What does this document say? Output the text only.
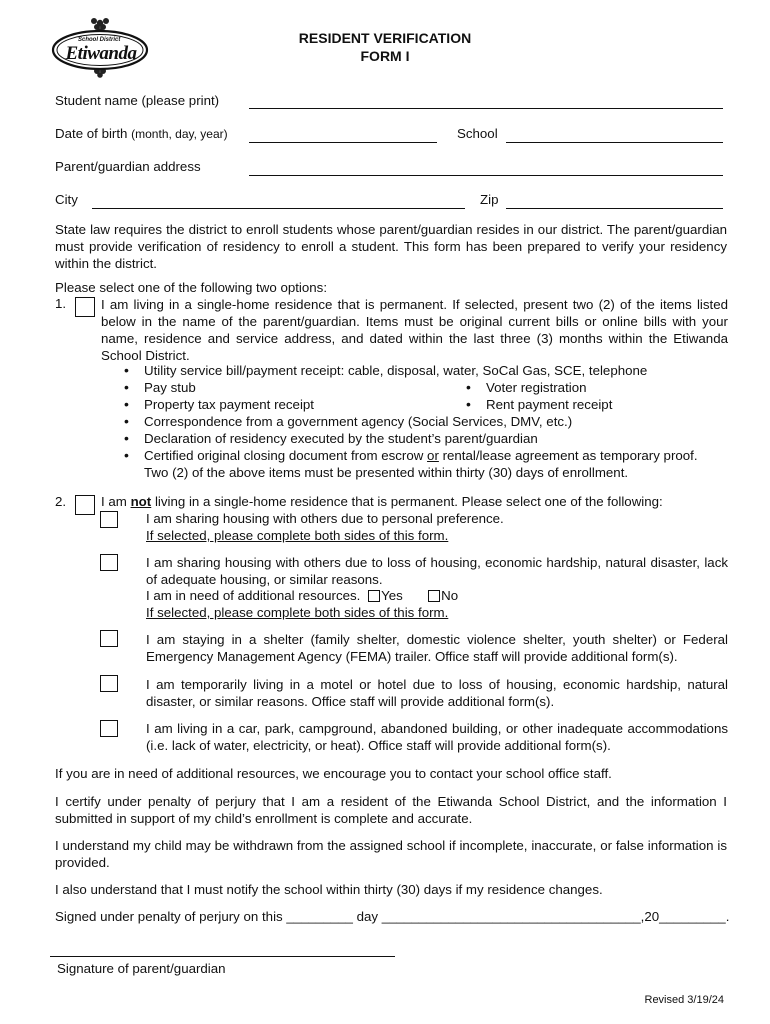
School District
Etiwanda
RESIDENT VERIFICATION
FORM I
Student name (please print)
Date of birth (month, day, year)	School
Parent/guardian address
City	Zip
State law requires the district to enroll students whose parent/guardian resides in our district. The parent/guardian must provide verification of residency to enroll a student. This form has been prepared to verify your residency within the district.
Please select one of the following two options:
1.	I am living in a single-home residence that is permanent. If selected, present two (2) of the items listed below in the name of the parent/guardian. Items must be original current bills or online bills with your name, residence and service address, and dated within the last three (3) months within the Etiwanda School District.
• Utility service bill/payment receipt: cable, disposal, water, SoCal Gas, SCE, telephone
• Pay stub	• Voter registration
• Property tax payment receipt	• Rent payment receipt
• Correspondence from a government agency (Social Services, DMV, etc.)
• Declaration of residency executed by the student’s parent/guardian
• Certified original closing document from escrow or rental/lease agreement as temporary proof.
Two (2) of the above items must be presented within thirty (30) days of enrollment.
2.	I am not living in a single-home residence that is permanent. Please select one of the following:
I am sharing housing with others due to personal preference.
If selected, please complete both sides of this form.
I am sharing housing with others due to loss of housing, economic hardship, natural disaster, lack of adequate housing, or similar reasons.
I am in need of additional resources. Yes	No
If selected, please complete both sides of this form.
I am staying in a shelter (family shelter, domestic violence shelter, youth shelter) or Federal Emergency Management Agency (FEMA) trailer. Office staff will provide additional form(s).
I am temporarily living in a motel or hotel due to loss of housing, economic hardship, natural disaster, or similar reasons. Office staff will provide additional form(s).
I am living in a car, park, campground, abandoned building, or other inadequate accommodations (i.e. lack of water, electricity, or heat). Office staff will provide additional form(s).
If you are in need of additional resources, we encourage you to contact your school office staff.
I certify under penalty of perjury that I am a resident of the Etiwanda School District, and the information I submitted in support of my child’s enrollment is complete and accurate.
I understand my child may be withdrawn from the assigned school if incomplete, inaccurate, or false information is provided.
I also understand that I must notify the school within thirty (30) days if my residence changes.
Signed under penalty of perjury on this _________ day ___________________________________,20_________.
Signature of parent/guardian
Revised 3/19/24
